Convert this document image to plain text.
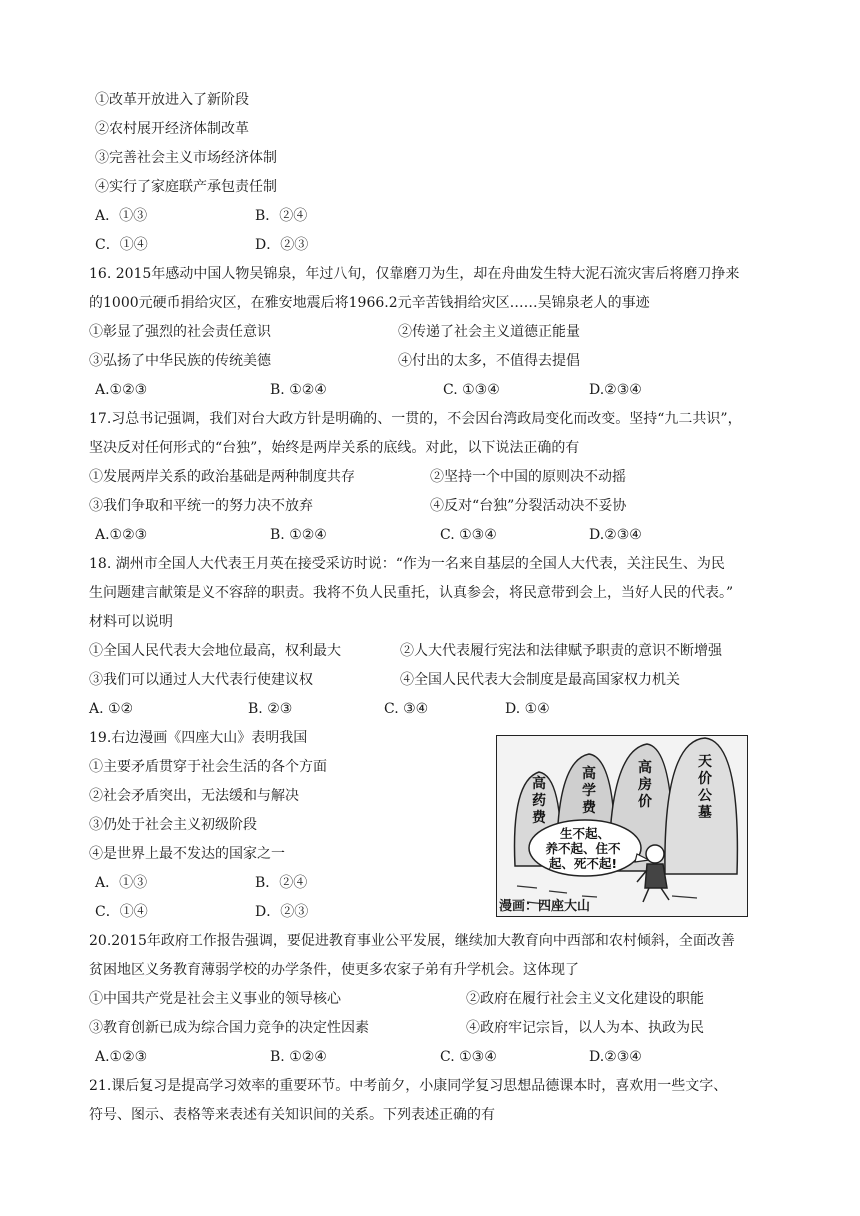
①改革开放进入了新阶段
②农村展开经济体制改革
③完善社会主义市场经济体制
④实行了家庭联产承包责任制
A．①③	B．②④
C．①④	D．②③
16. 2015年感动中国人物吴锦泉，年过八旬，仅靠磨刀为生，却在舟曲发生特大泥石流灾害后将磨刀挣来
的1000元硬币捐给灾区，在雅安地震后将1966.2元辛苦钱捐给灾区……吴锦泉老人的事迹
①彰显了强烈的社会责任意识	②传递了社会主义道德正能量
③弘扬了中华民族的传统美德	④付出的太多，不值得去提倡
A.①②③	B. ①②④	C. ①③④	D.②③④
17.习总书记强调，我们对台大政方针是明确的、一贯的，不会因台湾政局变化而改变。坚持“九二共识”，
坚决反对任何形式的“台独”，始终是两岸关系的底线。对此，以下说法正确的有
①发展两岸关系的政治基础是两种制度共存	②坚持一个中国的原则决不动摇
③我们争取和平统一的努力决不放弃	④反对“台独”分裂活动决不妥协
A.①②③	B. ①②④	C. ①③④	D.②③④
18. 湖州市全国人大代表王月英在接受采访时说：“作为一名来自基层的全国人大代表，关注民生、为民
生问题建言献策是义不容辞的职责。我将不负人民重托，认真参会，将民意带到会上，当好人民的代表。”
材料可以说明
①全国人民代表大会地位最高，权利最大	②人大代表履行宪法和法律赋予职责的意识不断增强
③我们可以通过人大代表行使建议权	④全国人民代表大会制度是最高国家权力机关
A. ①②	B. ②③	C. ③④	D. ①④
19.右边漫画《四座大山》表明我国
①主要矛盾贯穿于社会生活的各个方面
②社会矛盾突出，无法缓和与解决
③仍处于社会主义初级阶段
④是世界上最不发达的国家之一
A．①③	B．②④
C．①④	D．②③
高药费
高学费
高房价
天价公墓
生不起、
养不起、住不
起、死不起!
漫画：四座大山
20.2015年政府工作报告强调，要促进教育事业公平发展，继续加大教育向中西部和农村倾斜，全面改善
贫困地区义务教育薄弱学校的办学条件，使更多农家子弟有升学机会。这体现了
①中国共产党是社会主义事业的领导核心	②政府在履行社会主义文化建设的职能
③教育创新已成为综合国力竞争的决定性因素	④政府牢记宗旨，以人为本、执政为民
A.①②③	B. ①②④	C. ①③④	D.②③④
21.课后复习是提高学习效率的重要环节。中考前夕，小康同学复习思想品德课本时，喜欢用一些文字、
符号、图示、表格等来表述有关知识间的关系。下列表述正确的有
